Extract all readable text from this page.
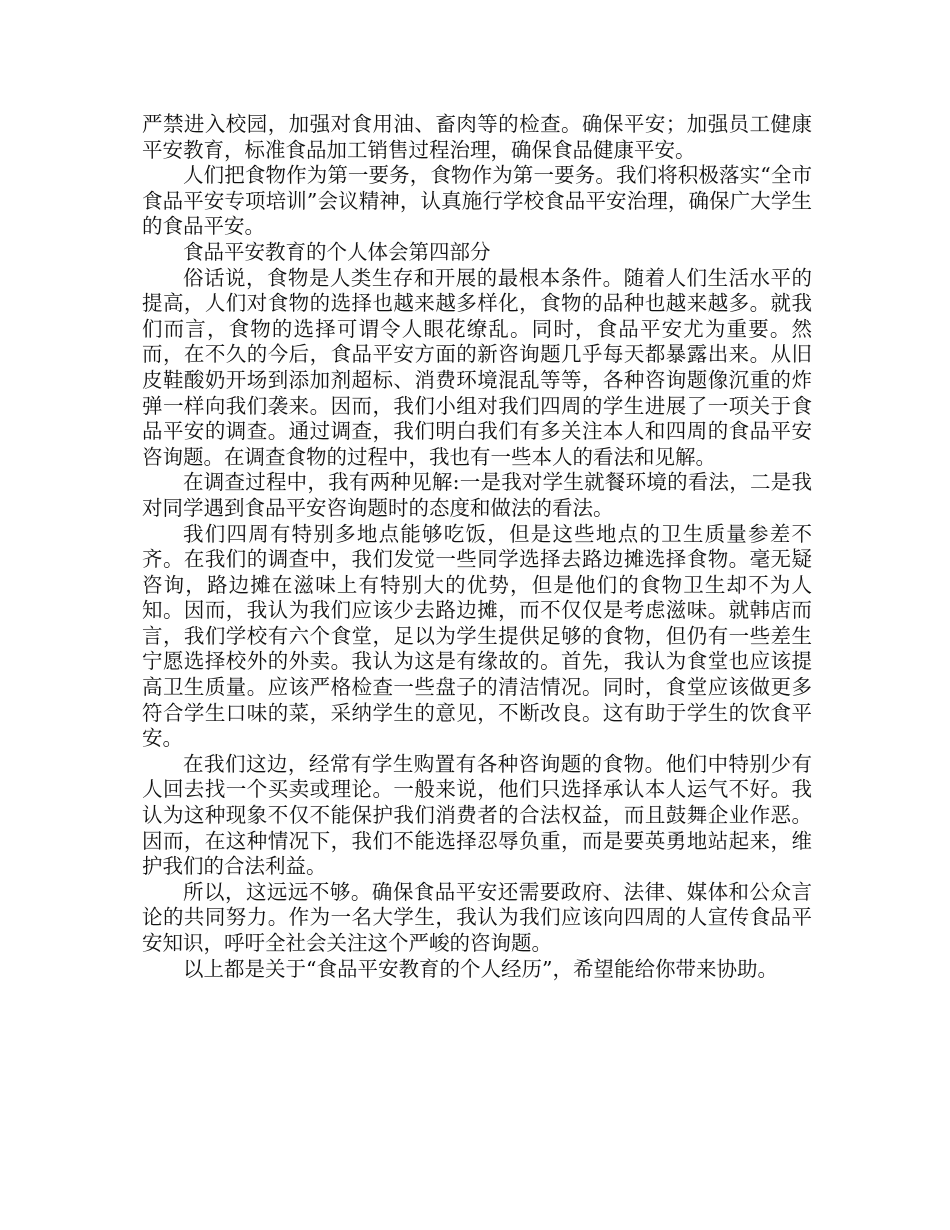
严禁进入校园，加强对食用油、畜肉等的检查。确保平安；加强员工健康平安教育，标准食品加工销售过程治理，确保食品健康平安。

人们把食物作为第一要务，食物作为第一要务。我们将积极落实“全市食品平安专项培训”会议精神，认真施行学校食品平安治理，确保广大学生的食品平安。

食品平安教育的个人体会第四部分

俗话说，食物是人类生存和开展的最根本条件。随着人们生活水平的提高，人们对食物的选择也越来越多样化，食物的品种也越来越多。就我们而言，食物的选择可谓令人眼花缭乱。同时，食品平安尤为重要。然而，在不久的今后，食品平安方面的新咨询题几乎每天都暴露出来。从旧皮鞋酸奶开场到添加剂超标、消费环境混乱等等，各种咨询题像沉重的炸弹一样向我们袭来。因而，我们小组对我们四周的学生进展了一项关于食品平安的调查。通过调查，我们明白我们有多关注本人和四周的食品平安咨询题。在调查食物的过程中，我也有一些本人的看法和见解。

在调查过程中，我有两种见解:一是我对学生就餐环境的看法，二是我对同学遇到食品平安咨询题时的态度和做法的看法。

我们四周有特别多地点能够吃饭，但是这些地点的卫生质量参差不齐。在我们的调查中，我们发觉一些同学选择去路边摊选择食物。毫无疑咨询，路边摊在滋味上有特别大的优势，但是他们的食物卫生却不为人知。因而，我认为我们应该少去路边摊，而不仅仅是考虑滋味。就韩店而言，我们学校有六个食堂，足以为学生提供足够的食物，但仍有一些差生宁愿选择校外的外卖。我认为这是有缘故的。首先，我认为食堂也应该提高卫生质量。应该严格检查一些盘子的清洁情况。同时，食堂应该做更多符合学生口味的菜，采纳学生的意见，不断改良。这有助于学生的饮食平安。

在我们这边，经常有学生购置有各种咨询题的食物。他们中特别少有人回去找一个买卖或理论。一般来说，他们只选择承认本人运气不好。我认为这种现象不仅不能保护我们消费者的合法权益，而且鼓舞企业作恶。因而，在这种情况下，我们不能选择忍辱负重，而是要英勇地站起来，维护我们的合法利益。

所以，这远远不够。确保食品平安还需要政府、法律、媒体和公众言论的共同努力。作为一名大学生，我认为我们应该向四周的人宣传食品平安知识，呼吁全社会关注这个严峻的咨询题。

以上都是关于“食品平安教育的个人经历”，希望能给你带来协助。
